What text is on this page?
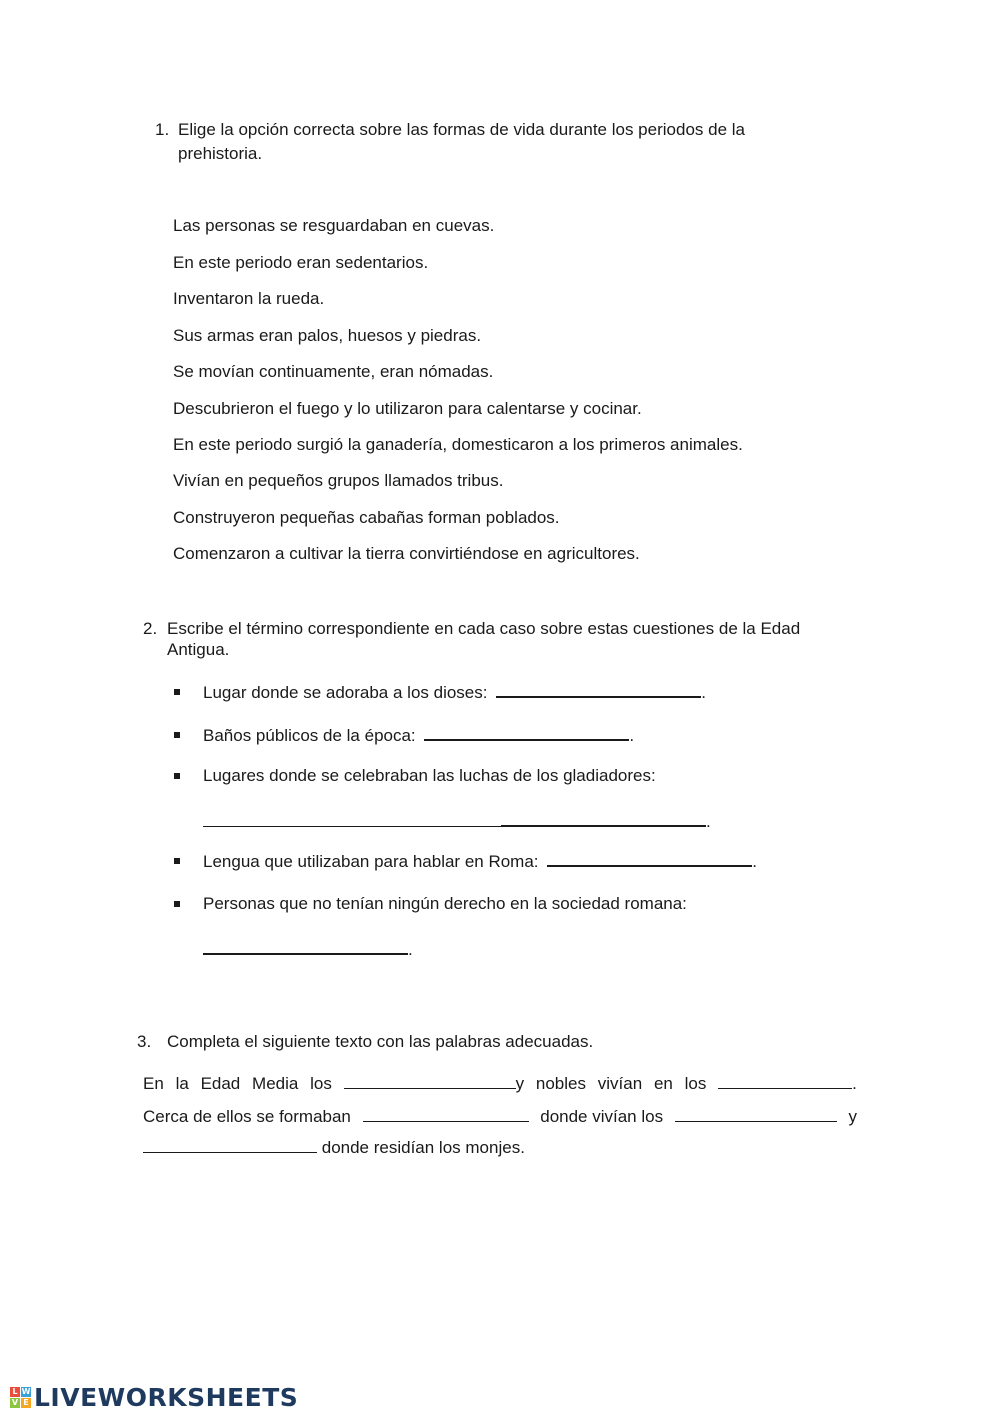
1. Elige la opción correcta sobre las formas de vida durante los periodos de la
prehistoria.
Las personas se resguardaban en cuevas.
En este periodo eran sedentarios.
Inventaron la rueda.
Sus armas eran palos, huesos y piedras.
Se movían continuamente, eran nómadas.
Descubrieron el fuego y lo utilizaron para calentarse y cocinar.
En este periodo surgió la ganadería, domesticaron a los primeros animales.
Vivían en pequeños grupos llamados tribus.
Construyeron pequeñas cabañas forman poblados.
Comenzaron a cultivar la tierra convirtiéndose en agricultores.
2. Escribe el término correspondiente en cada caso sobre estas cuestiones de la Edad
Antigua.
Lugar donde se adoraba a los dioses:	.
Baños públicos de la época:	.
Lugares donde se celebraban las luchas de los gladiadores:
.
Lengua que utilizaban para hablar en Roma:	.
Personas que no tenían ningún derecho en la sociedad romana:
.
3. Completa el siguiente texto con las palabras adecuadas.
En la Edad Media los	y nobles vivían en los	.
Cerca de ellos se formaban	donde vivían los	y
donde residían los monjes.
L W
V E LIVEWORKSHEETS
